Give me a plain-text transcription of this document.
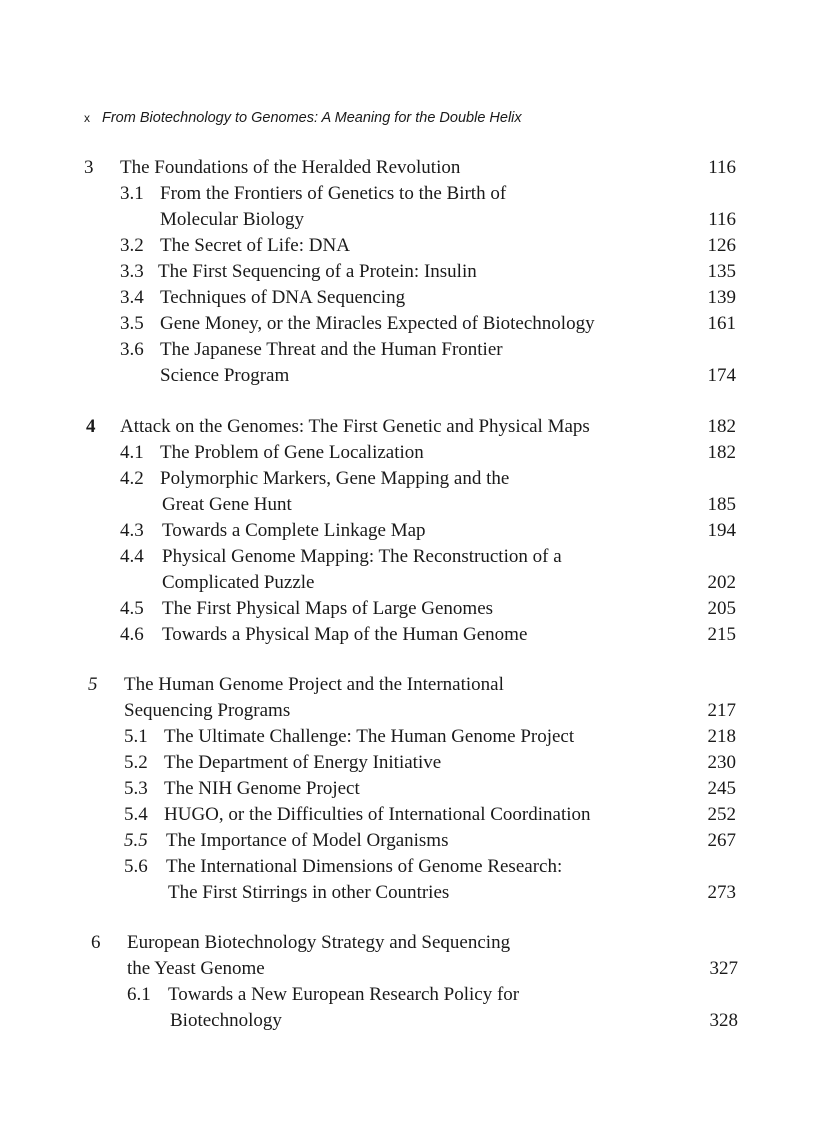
x From Biotechnology to Genomes: A Meaning for the Double Helix
3 The Foundations of the Heralded Revolution	116
3.1 From the Frontiers of Genetics to the Birth of
Molecular Biology	116
3.2 The Secret of Life: DNA	126
3.3 The First Sequencing of a Protein: Insulin	135
3.4 Techniques of DNA Sequencing	139
3.5 Gene Money, or the Miracles Expected of Biotechnology	161
3.6 The Japanese Threat and the Human Frontier
Science Program	174
4 Attack on the Genomes: The First Genetic and Physical Maps	182
4.1 The Problem of Gene Localization	182
4.2 Polymorphic Markers, Gene Mapping and the
Great Gene Hunt	185
4.3 Towards a Complete Linkage Map	194
4.4 Physical Genome Mapping: The Reconstruction of a
Complicated Puzzle	202
4.5 The First Physical Maps of Large Genomes	205
4.6 Towards a Physical Map of the Human Genome	215
5 The Human Genome Project and the International
Sequencing Programs	217
5.1 The Ultimate Challenge: The Human Genome Project	218
5.2 The Department of Energy Initiative	230
5.3 The NIH Genome Project	245
5.4 HUGO, or the Difficulties of International Coordination	252
5.5 The Importance of Model Organisms	267
5.6 The International Dimensions of Genome Research:
The First Stirrings in other Countries	273
6 European Biotechnology Strategy and Sequencing
the Yeast Genome	327
6.1 Towards a New European Research Policy for
Biotechnology	328
